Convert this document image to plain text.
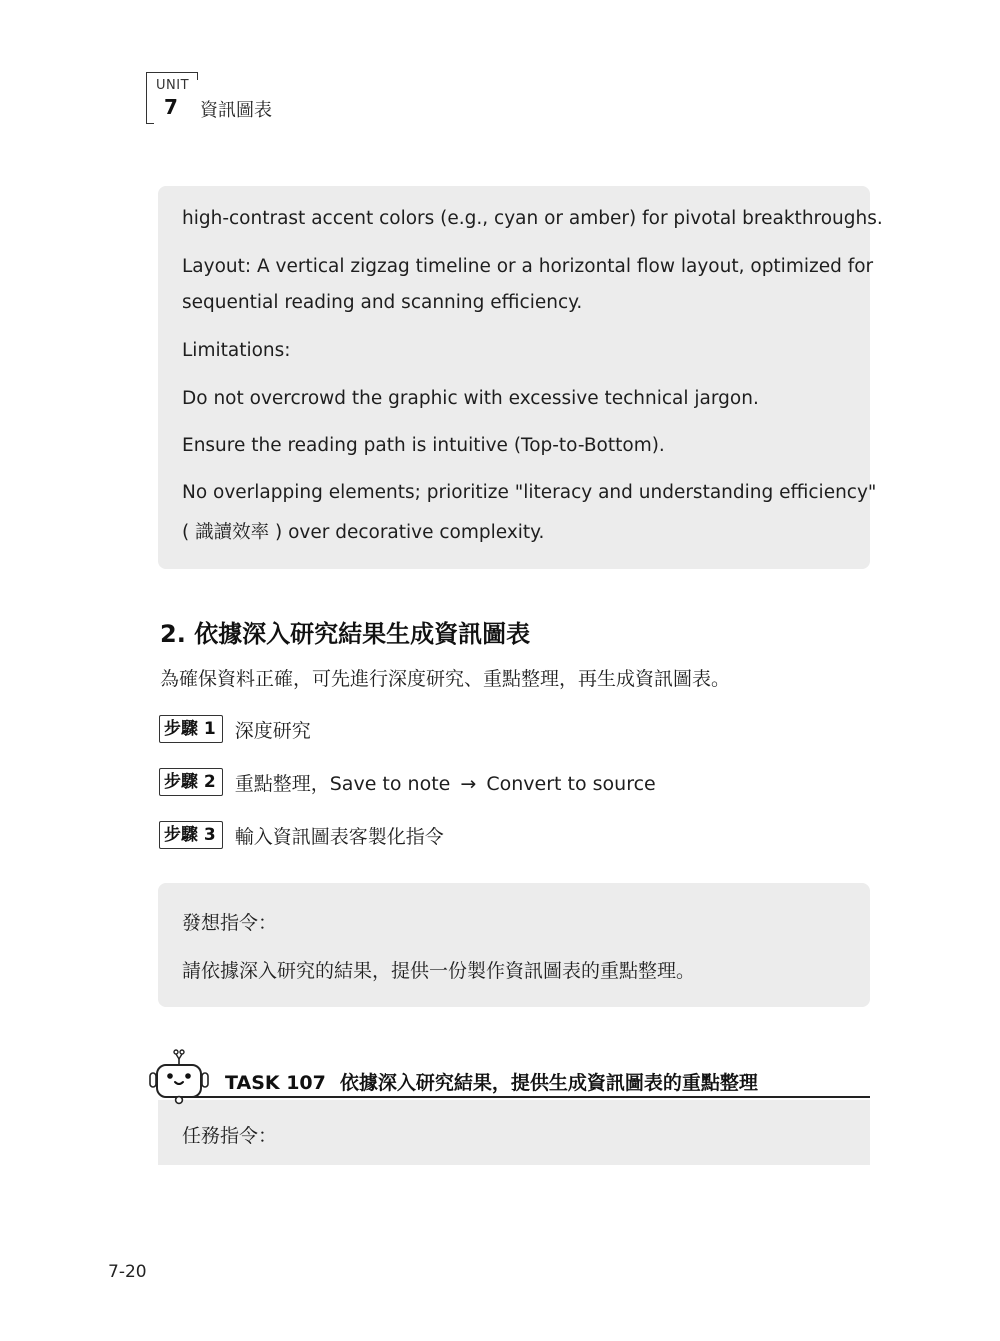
UNIT
7 資訊圖表
high-contrast accent colors (e.g., cyan or amber) for pivotal breakthroughs.
Layout: A vertical zigzag timeline or a horizontal flow layout, optimized for
sequential reading and scanning efficiency.
Limitations:
Do not overcrowd the graphic with excessive technical jargon.
Ensure the reading path is intuitive (Top-to-Bottom).
No overlapping elements; prioritize "literacy and understanding efficiency"
( 識讀效率 ) over decorative complexity.
2. 依據深入研究結果生成資訊圖表
為確保資料正確，可先進行深度研究、重點整理，再生成資訊圖表。
步驟 1	深度研究
步驟 2	重點整理，Save to note → Convert to source
步驟 3	輸入資訊圖表客製化指令
發想指令：
請依據深入研究的結果，提供一份製作資訊圖表的重點整理。
TASK 107 依據深入研究結果，提供生成資訊圖表的重點整理
任務指令：
7-20
